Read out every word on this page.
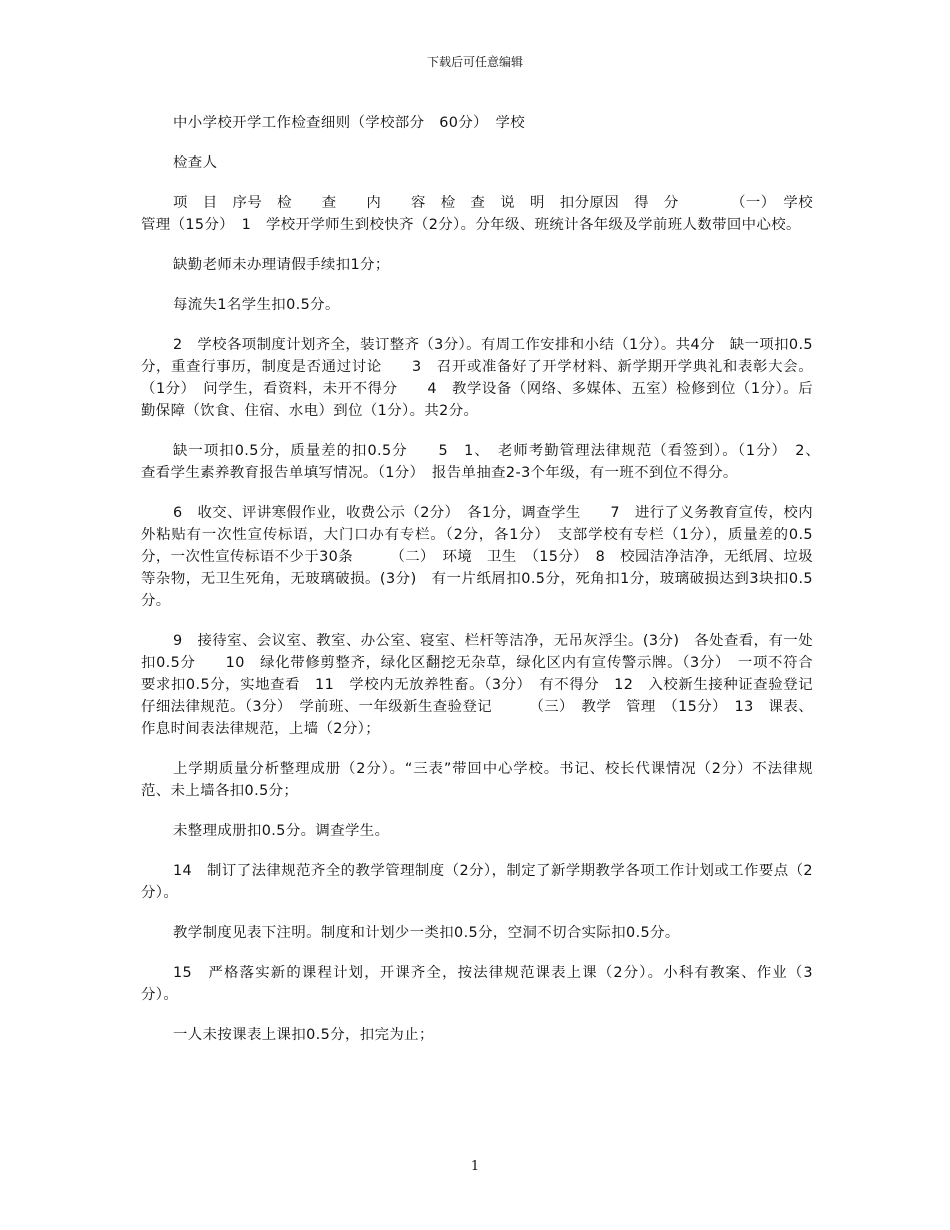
下载后可任意编辑

中小学校开学工作检查细则（学校部分　60分）　学校

检查人

项　目　序号　检　　查　　内　　容　检　查　说　明　扣分原因　得　分　　　　（一）　学校　管理（15分）　1　学校开学师生到校快齐（2分）。分年级、班统计各年级及学前班人数带回中心校。

缺勤老师未办理请假手续扣1分；

每流失1名学生扣0.5分。

2　学校各项制度计划齐全，装订整齐（3分）。有周工作安排和小结（1分）。共4分　缺一项扣0.5分，重查行事历，制度是否通过讨论　　3　召开或准备好了开学材料、新学期开学典礼和表彰大会。（1分）　问学生，看资料，未开不得分　　4　教学设备（网络、多媒体、五室）检修到位（1分）。后勤保障（饮食、住宿、水电）到位（1分）。共2分。

缺一项扣0.5分，质量差的扣0.5分　　5　1、　老师考勤管理法律规范（看签到）。（1分）　2、　查看学生素养教育报告单填写情况。（1分）　报告单抽查2-3个年级，有一班不到位不得分。

6　收交、评讲寒假作业，收费公示（2分）　各1分，调查学生　　7　进行了义务教育宣传，校内外粘贴有一次性宣传标语，大门口办有专栏。（2分，各1分）　支部学校有专栏（1分），质量差的0.5分，一次性宣传标语不少于30条　　　（二）　环境　卫生　（15分）　8　校园洁净洁净，无纸屑、垃圾等杂物，无卫生死角，无玻璃破损。(3分)　有一片纸屑扣0.5分，死角扣1分，玻璃破损达到3块扣0.5分。

9　接待室、会议室、教室、办公室、寝室、栏杆等洁净，无吊灰浮尘。(3分)　各处查看，有一处扣0.5分　　10　绿化带修剪整齐，绿化区翻挖无杂草，绿化区内有宣传警示牌。（3分）　一项不符合要求扣0.5分，实地查看　11　学校内无放养牲畜。（3分）　有不得分　12　入校新生接种证查验登记仔细法律规范。（3分）　学前班、一年级新生查验登记　　　（三）　教学　管理　（15分）　13　课表、作息时间表法律规范，上墙（2分）；

上学期质量分析整理成册（2分）。“三表”带回中心学校。书记、校长代课情况（2分）不法律规范、未上墙各扣0.5分；

未整理成册扣0.5分。调查学生。

14　制订了法律规范齐全的教学管理制度（2分），制定了新学期教学各项工作计划或工作要点（2分）。

教学制度见表下注明。制度和计划少一类扣0.5分，空洞不切合实际扣0.5分。

15　严格落实新的课程计划，开课齐全，按法律规范课表上课（2分）。小科有教案、作业（3分）。

一人未按课表上课扣0.5分，扣完为止；

1
